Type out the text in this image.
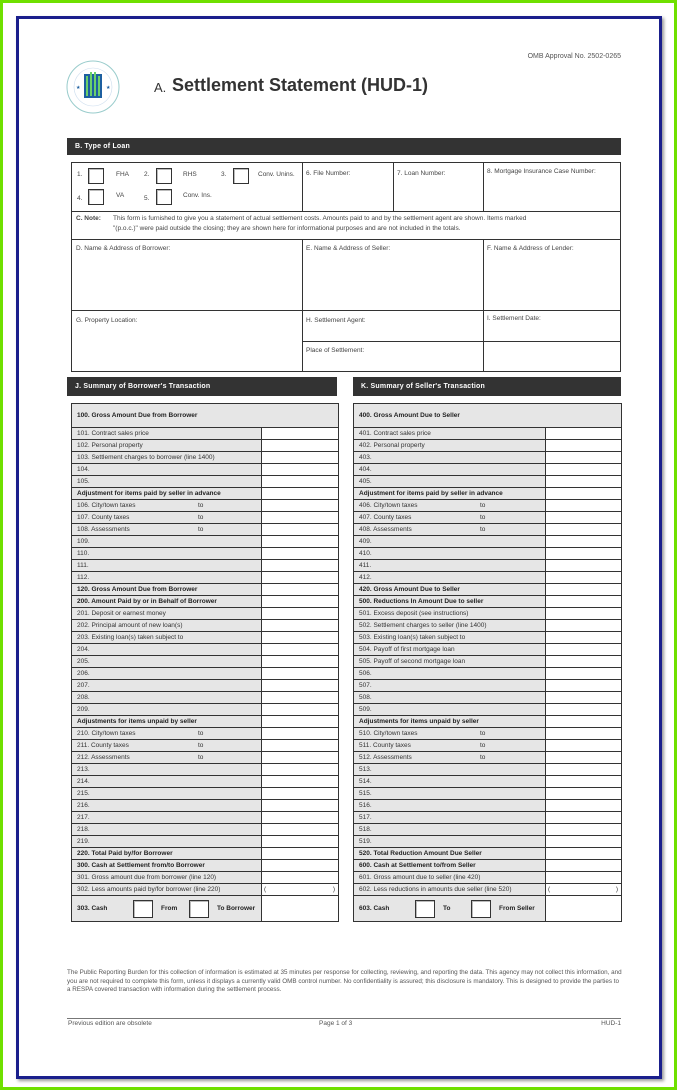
OMB Approval No. 2502-0265
★	★	A. Settlement Statement (HUD-1)
B. Type of Loan
1.	FHA 2.	RHS	3.	Conv. Unins.
4.	VA	5.	Conv. Ins.
6. File Number:	7. Loan Number:	8. Mortgage Insurance Case Number:
C. Note: This form is furnished to give you a statement of actual settlement costs. Amounts paid to and by the settlement agent are shown. Items marked
"(p.o.c.)" were paid outside the closing; they are shown here for informational purposes and are not included in the totals.
D. Name & Address of Borrower:	E. Name & Address of Seller:	F. Name & Address of Lender:
G. Property Location:	H. Settlement Agent:	I. Settlement Date:
Place of Settlement:
J. Summary of Borrower's Transaction	K. Summary of Seller's Transaction
100. Gross Amount Due from Borrower	
101. Contract sales price	
102. Personal property	
103. Settlement charges to borrower (line 1400)	
104.	
105.	
Adjustment for items paid by seller in advance	
106. City/town taxes to	

107. County taxes to	

108. Assessments to	

109.	
110.	
111.	
112.	
120. Gross Amount Due from Borrower	
200. Amount Paid by or in Behalf of Borrower	
201. Deposit or earnest money	
202. Principal amount of new loan(s)	
203. Existing loan(s) taken subject to	
204.	
205.	
206.	
207.	
208.	
209.	
Adjustments for items unpaid by seller	
210. City/town taxes to	

211. County taxes to	

212. Assessments to	

213.	
214.	
215.	
216.	
217.	
218.	
219.	
220. Total Paid by/for Borrower	
300. Cash at Settlement from/to Borrower	
301. Gross amount due from borrower (line 120)	
302. Less amounts paid by/for borrower (line 220)	( )

303. Cash From To Borrower	

400. Gross Amount Due to Seller	
401. Contract sales price	
402. Personal property	
403.	
404.	
405.	
Adjustment for items paid by seller in advance	
406. City/town taxes to	

407. County taxes to	

408. Assessments to	

409.	
410.	
411.	
412.	
420. Gross Amount Due to Seller	
500. Reductions In Amount Due to seller	
501. Excess deposit (see instructions)	
502. Settlement charges to seller (line 1400)	
503. Existing loan(s) taken subject to	
504. Payoff of first mortgage loan	
505. Payoff of second mortgage loan	
506.	
507.	
508.	
509.	
Adjustments for items unpaid by seller	
510. City/town taxes to	

511. County taxes to	

512. Assessments to	

513.	
514.	
515.	
516.	
517.	
518.	
519.	
520. Total Reduction Amount Due Seller	
600. Cash at Settlement to/from Seller	
601. Gross amount due to seller (line 420)	
602. Less reductions in amounts due seller (line 520)	( )

603. Cash To From Seller	

The Public Reporting Burden for this collection of information is estimated at 35 minutes per response for collecting, reviewing, and reporting the data. This agency may not collect this information, and you are not required to complete this form, unless it displays a currently valid OMB control number. No confidentiality is assured; this disclosure is mandatory. This is designed to provide the parties to a RESPA covered transaction with information during the settlement process.
Previous edition are obsolete	Page 1 of 3	HUD-1
